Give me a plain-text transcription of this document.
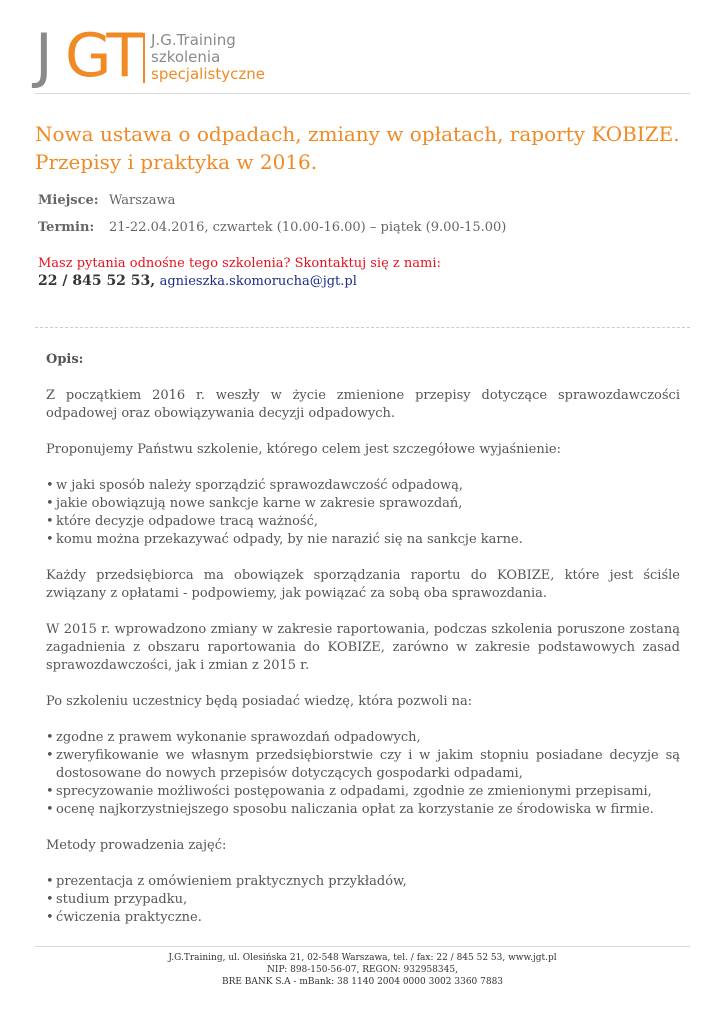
J GT J.G.Training
szkolenia
specjalistyczne
Nowa ustawa o odpadach, zmiany w opłatach, raporty KOBIZE. Przepisy i praktyka w 2016.
Miejsce: Warszawa
Termin: 21-22.04.2016, czwartek (10.00-16.00) – piątek (9.00-15.00)
Masz pytania odnośne tego szkolenia? Skontaktuj się z nami:
22 / 845 52 53, agnieszka.skomorucha@jgt.pl

Opis:

Z początkiem 2016 r. weszły w życie zmienione przepisy dotyczące sprawozdawczości odpadowej oraz obowiązywania decyzji odpadowych.

Proponujemy Państwu szkolenie, którego celem jest szczegółowe wyjaśnienie:

• w jaki sposób należy sporządzić sprawozdawczość odpadową,
• jakie obowiązują nowe sankcje karne w zakresie sprawozdań,
• które decyzje odpadowe tracą ważność,
• komu można przekazywać odpady, by nie narazić się na sankcje karne.

Każdy przedsiębiorca ma obowiązek sporządzania raportu do KOBIZE, które jest ściśle związany z opłatami - podpowiemy, jak powiązać za sobą oba sprawozdania.

W 2015 r. wprowadzono zmiany w zakresie raportowania, podczas szkolenia poruszone zostaną zagadnienia z obszaru raportowania do KOBIZE, zarówno w zakresie podstawowych zasad sprawozdawczości, jak i zmian z 2015 r.

Po szkoleniu uczestnicy będą posiadać wiedzę, która pozwoli na:

• zgodne z prawem wykonanie sprawozdań odpadowych,
• zweryfikowanie we własnym przedsiębiorstwie czy i w jakim stopniu posiadane decyzje są dostosowane do nowych przepisów dotyczących gospodarki odpadami,
• sprecyzowanie możliwości postępowania z odpadami, zgodnie ze zmienionymi przepisami,
• ocenę najkorzystniejszego sposobu naliczania opłat za korzystanie ze środowiska w firmie.

Metody prowadzenia zajęć:

• prezentacja z omówieniem praktycznych przykładów,
• studium przypadku,
• ćwiczenia praktyczne.
J.G.Training, ul. Olesińska 21, 02-548 Warszawa, tel. / fax: 22 / 845 52 53, www.jgt.pl
NIP: 898-150-56-07, REGON: 932958345,
BRE BANK S.A - mBank: 38 1140 2004 0000 3002 3360 7883
